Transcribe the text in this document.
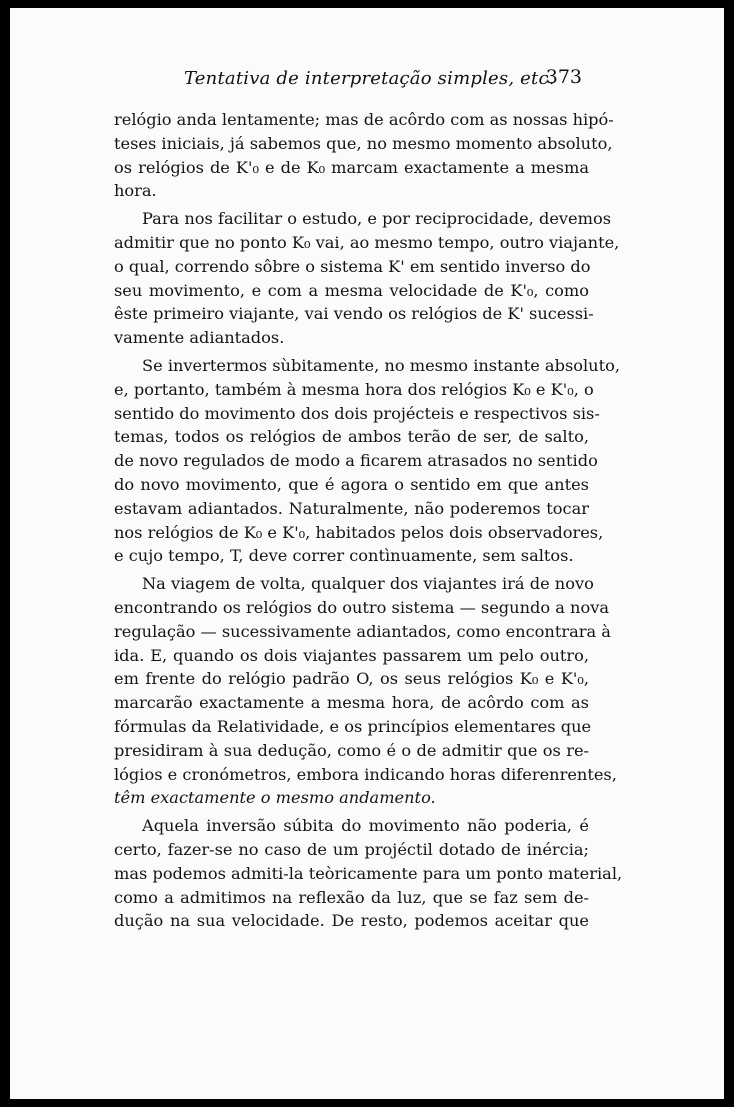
Tentativa de interpretação simples, etc.
373
relógio anda lentamente; mas de acôrdo com as nossas hipó-
teses iniciais, já sabemos que, no mesmo momento absoluto,
os relógios de K'₀ e de K₀ marcam exactamente a mesma
hora.
Para nos facilitar o estudo, e por reciprocidade, devemos
admitir que no ponto K₀ vai, ao mesmo tempo, outro viajante,
o qual, correndo sôbre o sistema K' em sentido inverso do
seu movimento, e com a mesma velocidade de K'₀, como
êste primeiro viajante, vai vendo os relógios de K' sucessi-
vamente adiantados.
Se invertermos sùbitamente, no mesmo instante absoluto,
e, portanto, também à mesma hora dos relógios K₀ e K'₀, o
sentido do movimento dos dois projécteis e respectivos sis-
temas, todos os relógios de ambos terão de ser, de salto,
de novo regulados de modo a ficarem atrasados no sentido
do novo movimento, que é agora o sentido em que antes
estavam adiantados. Naturalmente, não poderemos tocar
nos relógios de K₀ e K'₀, habitados pelos dois observadores,
e cujo tempo, T, deve correr contìnuamente, sem saltos.
Na viagem de volta, qualquer dos viajantes irá de novo
encontrando os relógios do outro sistema — segundo a nova
regulação — sucessivamente adiantados, como encontrara à
ida. E, quando os dois viajantes passarem um pelo outro,
em frente do relógio padrão O, os seus relógios K₀ e K'₀,
marcarão exactamente a mesma hora, de acôrdo com as
fórmulas da Relatividade, e os princípios elementares que
presidiram à sua dedução, como é o de admitir que os re-
lógios e cronómetros, embora indicando horas diferenrentes,
têm exactamente o mesmo andamento.
Aquela inversão súbita do movimento não poderia, é
certo, fazer-se no caso de um projéctil dotado de inércia;
mas podemos admiti-la teòricamente para um ponto material,
como a admitimos na reflexão da luz, que se faz sem de-
dução na sua velocidade. De resto, podemos aceitar que
